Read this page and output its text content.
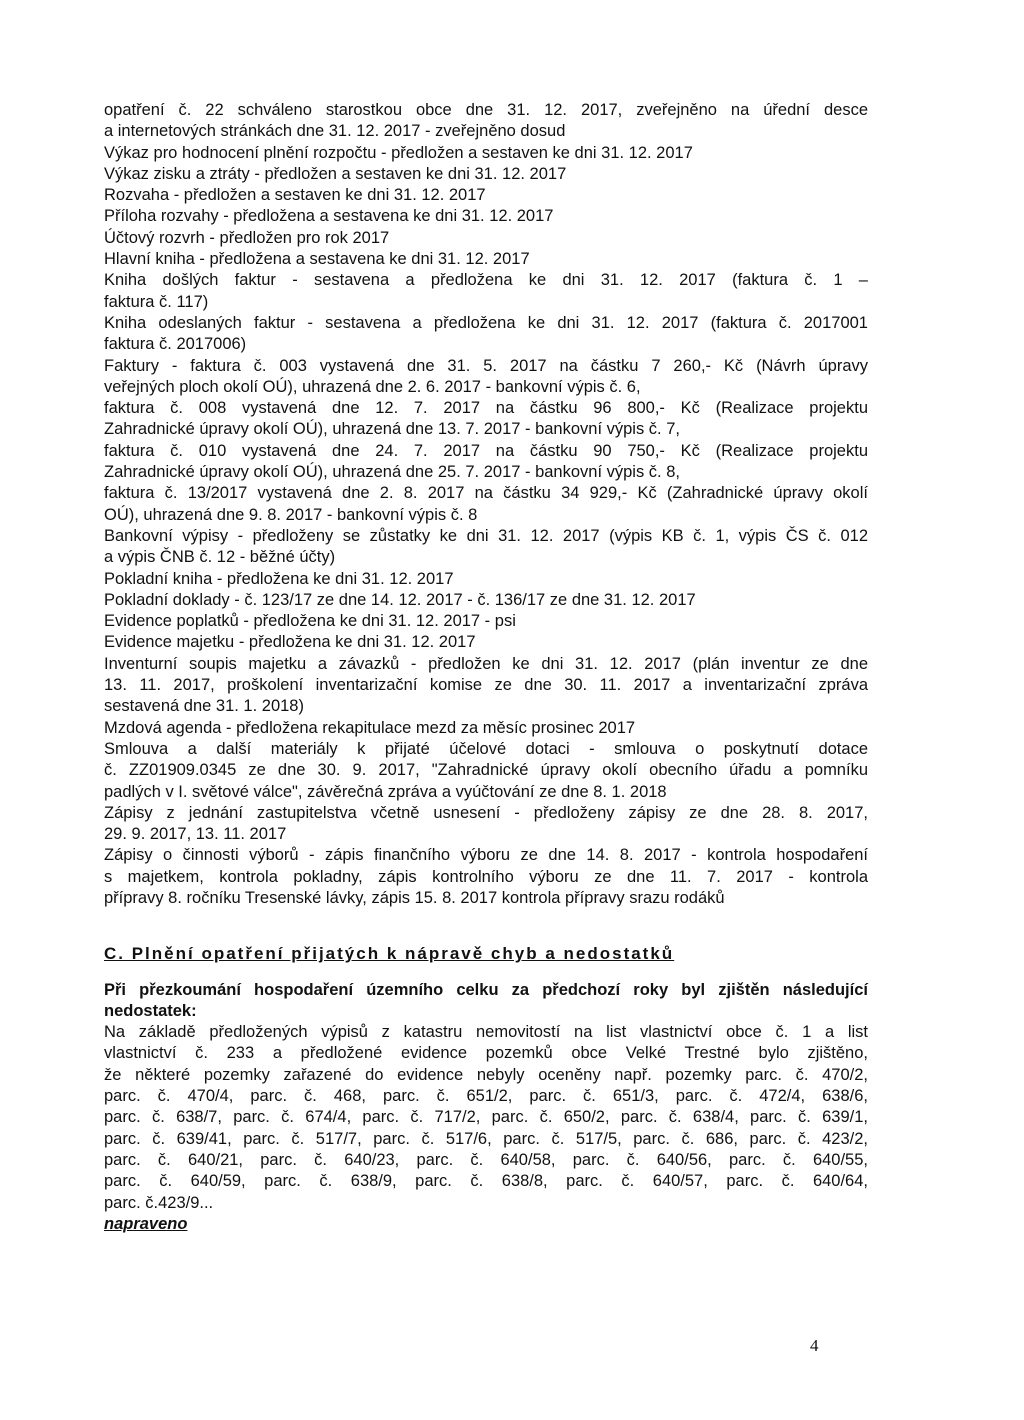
opatření č. 22 schváleno starostkou obce dne 31. 12. 2017, zveřejněno na úřední desce
a internetových stránkách dne 31. 12. 2017 - zveřejněno dosud
Výkaz pro hodnocení plnění rozpočtu - předložen a sestaven ke dni 31. 12. 2017
Výkaz zisku a ztráty - předložen a sestaven ke dni 31. 12. 2017
Rozvaha - předložen a sestaven ke dni 31. 12. 2017
Příloha rozvahy - předložena a sestavena ke dni 31. 12. 2017
Účtový rozvrh - předložen pro rok 2017
Hlavní kniha - předložena a sestavena ke dni 31. 12. 2017
Kniha došlých faktur - sestavena a předložena ke dni 31. 12. 2017 (faktura č. 1 –
faktura č. 117)
Kniha odeslaných faktur - sestavena a předložena ke dni 31. 12. 2017 (faktura č. 2017001
faktura č. 2017006)
Faktury - faktura č. 003 vystavená dne 31. 5. 2017 na částku 7 260,- Kč (Návrh úpravy
veřejných ploch okolí OÚ), uhrazená dne 2. 6. 2017 - bankovní výpis č. 6,
faktura č. 008 vystavená dne 12. 7. 2017 na částku 96 800,- Kč (Realizace projektu
Zahradnické úpravy okolí OÚ), uhrazená dne 13. 7. 2017 - bankovní výpis č. 7,
faktura č. 010 vystavená dne 24. 7. 2017 na částku 90 750,- Kč (Realizace projektu
Zahradnické úpravy okolí OÚ), uhrazená dne 25. 7. 2017 - bankovní výpis č. 8,
faktura č. 13/2017 vystavená dne 2. 8. 2017 na částku 34 929,- Kč (Zahradnické úpravy okolí
OÚ), uhrazená dne 9. 8. 2017 - bankovní výpis č. 8
Bankovní výpisy - předloženy se zůstatky ke dni 31. 12. 2017 (výpis KB č. 1, výpis ČS č. 012
a výpis ČNB č. 12 - běžné účty)
Pokladní kniha - předložena ke dni 31. 12. 2017
Pokladní doklady - č. 123/17 ze dne 14. 12. 2017 - č. 136/17 ze dne 31. 12. 2017
Evidence poplatků - předložena ke dni 31. 12. 2017 - psi
Evidence majetku - předložena ke dni 31. 12. 2017
Inventurní soupis majetku a závazků - předložen ke dni 31. 12. 2017 (plán inventur ze dne
13. 11. 2017, proškolení inventarizační komise ze dne 30. 11. 2017 a inventarizační zpráva
sestavená dne 31. 1. 2018)
Mzdová agenda - předložena rekapitulace mezd za měsíc prosinec 2017
Smlouva a další materiály k přijaté účelové dotaci - smlouva o poskytnutí dotace
č. ZZ01909.0345 ze dne 30. 9. 2017, "Zahradnické úpravy okolí obecního úřadu a pomníku
padlých v I. světové válce", závěrečná zpráva a vyúčtování ze dne 8. 1. 2018
Zápisy z jednání zastupitelstva včetně usnesení - předloženy zápisy ze dne 28. 8. 2017,
29. 9. 2017, 13. 11. 2017
Zápisy o činnosti výborů - zápis finančního výboru ze dne 14. 8. 2017 - kontrola hospodaření
s majetkem, kontrola pokladny, zápis kontrolního výboru ze dne 11. 7. 2017 - kontrola
přípravy 8. ročníku Tresenské lávky, zápis 15. 8. 2017 kontrola přípravy srazu rodáků
C. Plnění opatření přijatých k nápravě chyb a nedostatků
Při přezkoumání hospodaření územního celku za předchozí roky byl zjištěn následující
nedostatek:
Na základě předložených výpisů z katastru nemovitostí na list vlastnictví obce č. 1 a list
vlastnictví č. 233 a předložené evidence pozemků obce Velké Trestné bylo zjištěno,
že některé pozemky zařazené do evidence nebyly oceněny např. pozemky parc. č. 470/2,
parc. č. 470/4, parc. č. 468, parc. č. 651/2, parc. č. 651/3, parc. č. 472/4, 638/6,
parc. č. 638/7, parc. č. 674/4, parc. č. 717/2, parc. č. 650/2, parc. č. 638/4, parc. č. 639/1,
parc. č. 639/41, parc. č. 517/7, parc. č. 517/6, parc. č. 517/5, parc. č. 686, parc. č. 423/2,
parc. č. 640/21, parc. č. 640/23, parc. č. 640/58, parc. č. 640/56, parc. č. 640/55,
parc. č. 640/59, parc. č. 638/9, parc. č. 638/8, parc. č. 640/57, parc. č. 640/64,
parc. č.423/9...
napraveno
4
